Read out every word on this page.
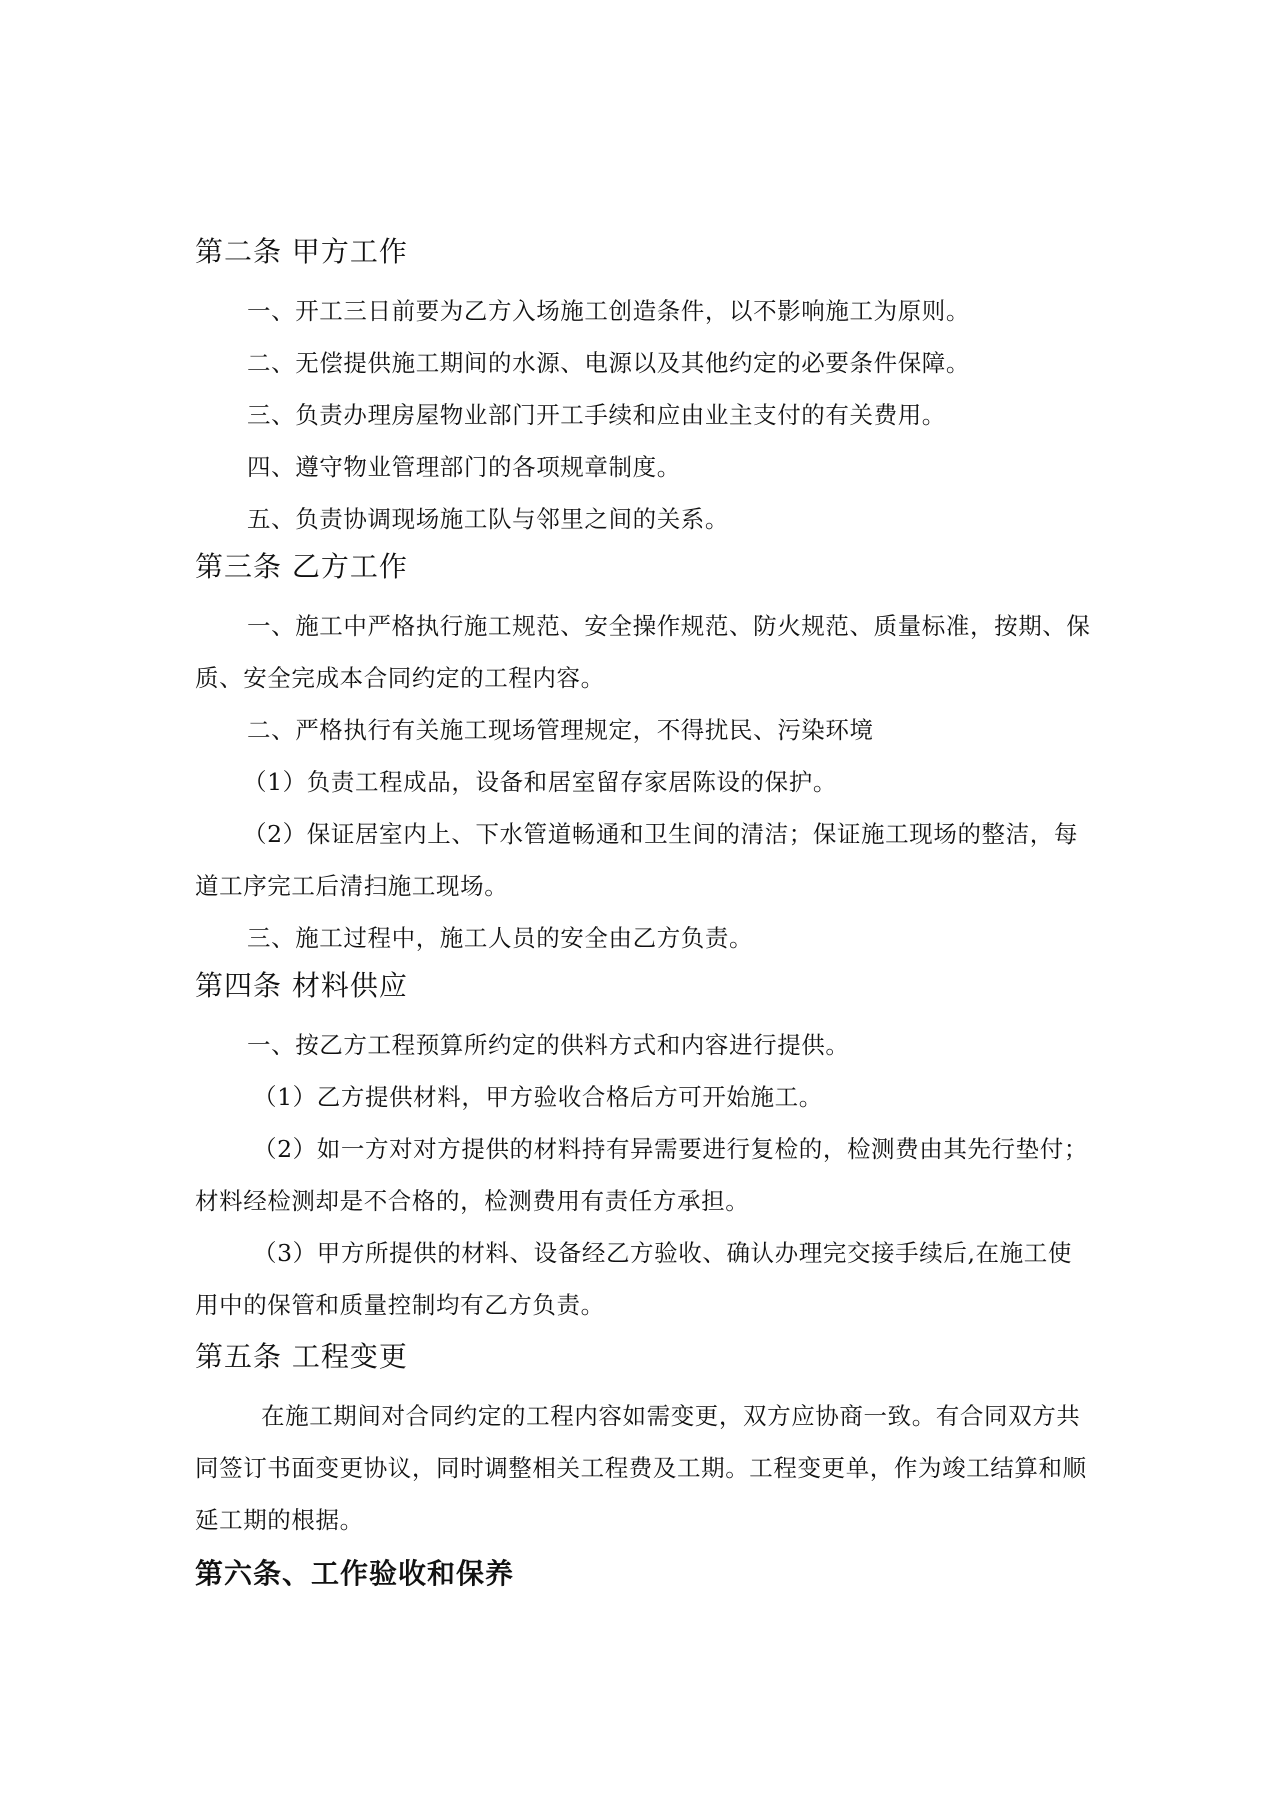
第二条 甲方工作

一、开工三日前要为乙方入场施工创造条件，以不影响施工为原则。

二、无偿提供施工期间的水源、电源以及其他约定的必要条件保障。

三、负责办理房屋物业部门开工手续和应由业主支付的有关费用。

四、遵守物业管理部门的各项规章制度。

五、负责协调现场施工队与邻里之间的关系。

第三条 乙方工作

一、施工中严格执行施工规范、安全操作规范、防火规范、质量标准，按期、保质、安全完成本合同约定的工程内容。

二、严格执行有关施工现场管理规定，不得扰民、污染环境

（1）负责工程成品，设备和居室留存家居陈设的保护。

（2）保证居室内上、下水管道畅通和卫生间的清洁；保证施工现场的整洁，每道工序完工后清扫施工现场。

三、施工过程中，施工人员的安全由乙方负责。

第四条 材料供应

一、按乙方工程预算所约定的供料方式和内容进行提供。

（1）乙方提供材料，甲方验收合格后方可开始施工。

（2）如一方对对方提供的材料持有异需要进行复检的，检测费由其先行垫付；材料经检测却是不合格的，检测费用有责任方承担。

（3）甲方所提供的材料、设备经乙方验收、确认办理完交接手续后,在施工使用中的保管和质量控制均有乙方负责。

第五条 工程变更

在施工期间对合同约定的工程内容如需变更，双方应协商一致。有合同双方共同签订书面变更协议，同时调整相关工程费及工期。工程变更单，作为竣工结算和顺延工期的根据。

第六条、工作验收和保养
